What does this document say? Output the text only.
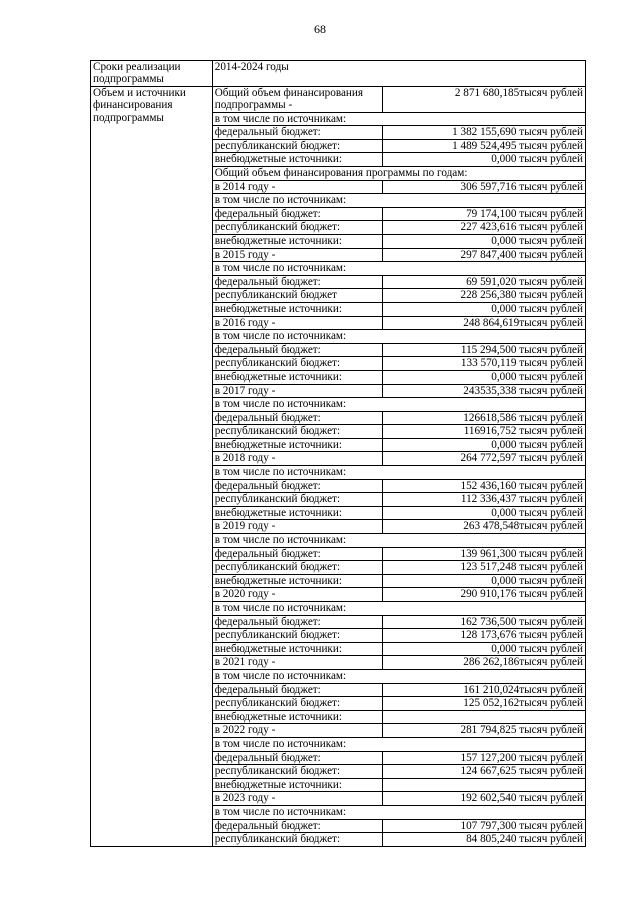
68
Сроки реализации подпрограммы	2014-2024 годы	
Объем и источники финансирования подпрограммы	Общий объем финансирования подпрограммы -	2 871 680,185тысяч рублей
	в том числе по источникам:	
	федеральный бюджет:	1 382 155,690 тысяч рублей
	республиканский бюджет:	1 489 524,495 тысяч рублей
	внебюджетные источники:	0,000 тысяч рублей
	Общий объем финансирования программы по годам:	
	в 2014 году -	306 597,716 тысяч рублей
	в том числе по источникам:	
	федеральный бюджет:	79 174,100 тысяч рублей
	республиканский бюджет:	227 423,616 тысяч рублей
	внебюджетные источники:	0,000 тысяч рублей
	в 2015 году -	297 847,400 тысяч рублей
	в том числе по источникам:	
	федеральный бюджет:	69 591,020 тысяч рублей
	республиканский бюджет	228 256,380 тысяч рублей
	внебюджетные источники:	0,000 тысяч рублей
	в 2016 году -	248 864,619тысяч рублей
	в том числе по источникам:	
	федеральный бюджет:	115 294,500 тысяч рублей
	республиканский бюджет:	133 570,119 тысяч рублей
	внебюджетные источники:	0,000 тысяч рублей
	в 2017 году -	243535,338 тысяч рублей
	в том числе по источникам:	
	федеральный бюджет:	126618,586 тысяч рублей
	республиканский бюджет:	116916,752 тысяч рублей
	внебюджетные источники:	0,000 тысяч рублей
	в 2018 году -	264 772,597 тысяч рублей
	в том числе по источникам:	
	федеральный бюджет:	152 436,160 тысяч рублей
	республиканский бюджет:	112 336,437 тысяч рублей
	внебюджетные источники:	0,000 тысяч рублей
	в 2019 году -	263 478,548тысяч рублей
	в том числе по источникам:	
	федеральный бюджет:	139 961,300 тысяч рублей
	республиканский бюджет:	123 517,248 тысяч рублей
	внебюджетные источники:	0,000 тысяч рублей
	в 2020 году -	290 910,176 тысяч рублей
	в том числе по источникам:	
	федеральный бюджет:	162 736,500 тысяч рублей
	республиканский бюджет:	128 173,676 тысяч рублей
	внебюджетные источники:	0,000 тысяч рублей
	в 2021 году -	286 262,186тысяч рублей
	в том числе по источникам:	
	федеральный бюджет:	161 210,024тысяч рублей
	республиканский бюджет:	125 052,162тысяч рублей
	внебюджетные источники:	
	в 2022 году -	281 794,825 тысяч рублей
	в том числе по источникам:	
	федеральный бюджет:	157 127,200 тысяч рублей
	республиканский бюджет:	124 667,625 тысяч рублей
	внебюджетные источники:	
	в 2023 году -	192 602,540 тысяч рублей
	в том числе по источникам:	
	федеральный бюджет:	107 797,300 тысяч рублей
	республиканский бюджет:	84 805,240 тысяч рублей
